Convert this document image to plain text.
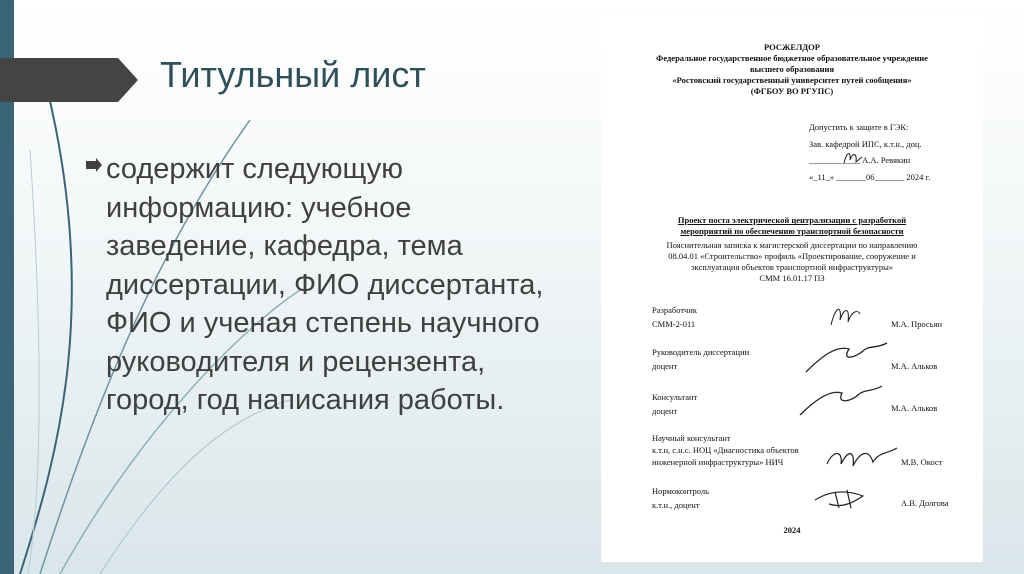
Титульный лист
содержит следующую информацию: учебное заведение, кафедра, тема диссертации, ФИО диссертанта, ФИО и ученая степень научного руководителя и рецензента, город, год написания работы.
РОСЖЕЛДОР
Федеральное государственное бюджетное образовательное учреждение
высшего образования
«Ростовский государственный университет путей сообщения»
(ФГБОУ ВО РГУПС)
Допустить к защите в ГЭК:
Зав. кафедрой ИПС, к.т.н., доц.
____________ А.А. Ревякин
«_11_» _______06_______ 2024 г.
Проект поста электрической централизации с разработкой
мероприятий по обеспечению транспортной безопасности
Пояснительная записка к магистерской диссертации по направлению
08.04.01 «Строительство» профиль «Проектирование, сооружение и
эксплуатация объектов транспортной инфраструктуры»
СММ 16.01.17 ПЗ
Разработчик
СММ-2-011	М.А. Просьян
Руководитель диссертации
доцент	М.А. Альков
Консультант
доцент	М.А. Альков
Научный консультант
к.т.н, с.н.с. НОЦ «Диагностика объектов
инженерной инфраструктуры» НИЧ	М.В. Окост
Нормоконтроль
к.т.н., доцент	А.В. Долгова
2024
